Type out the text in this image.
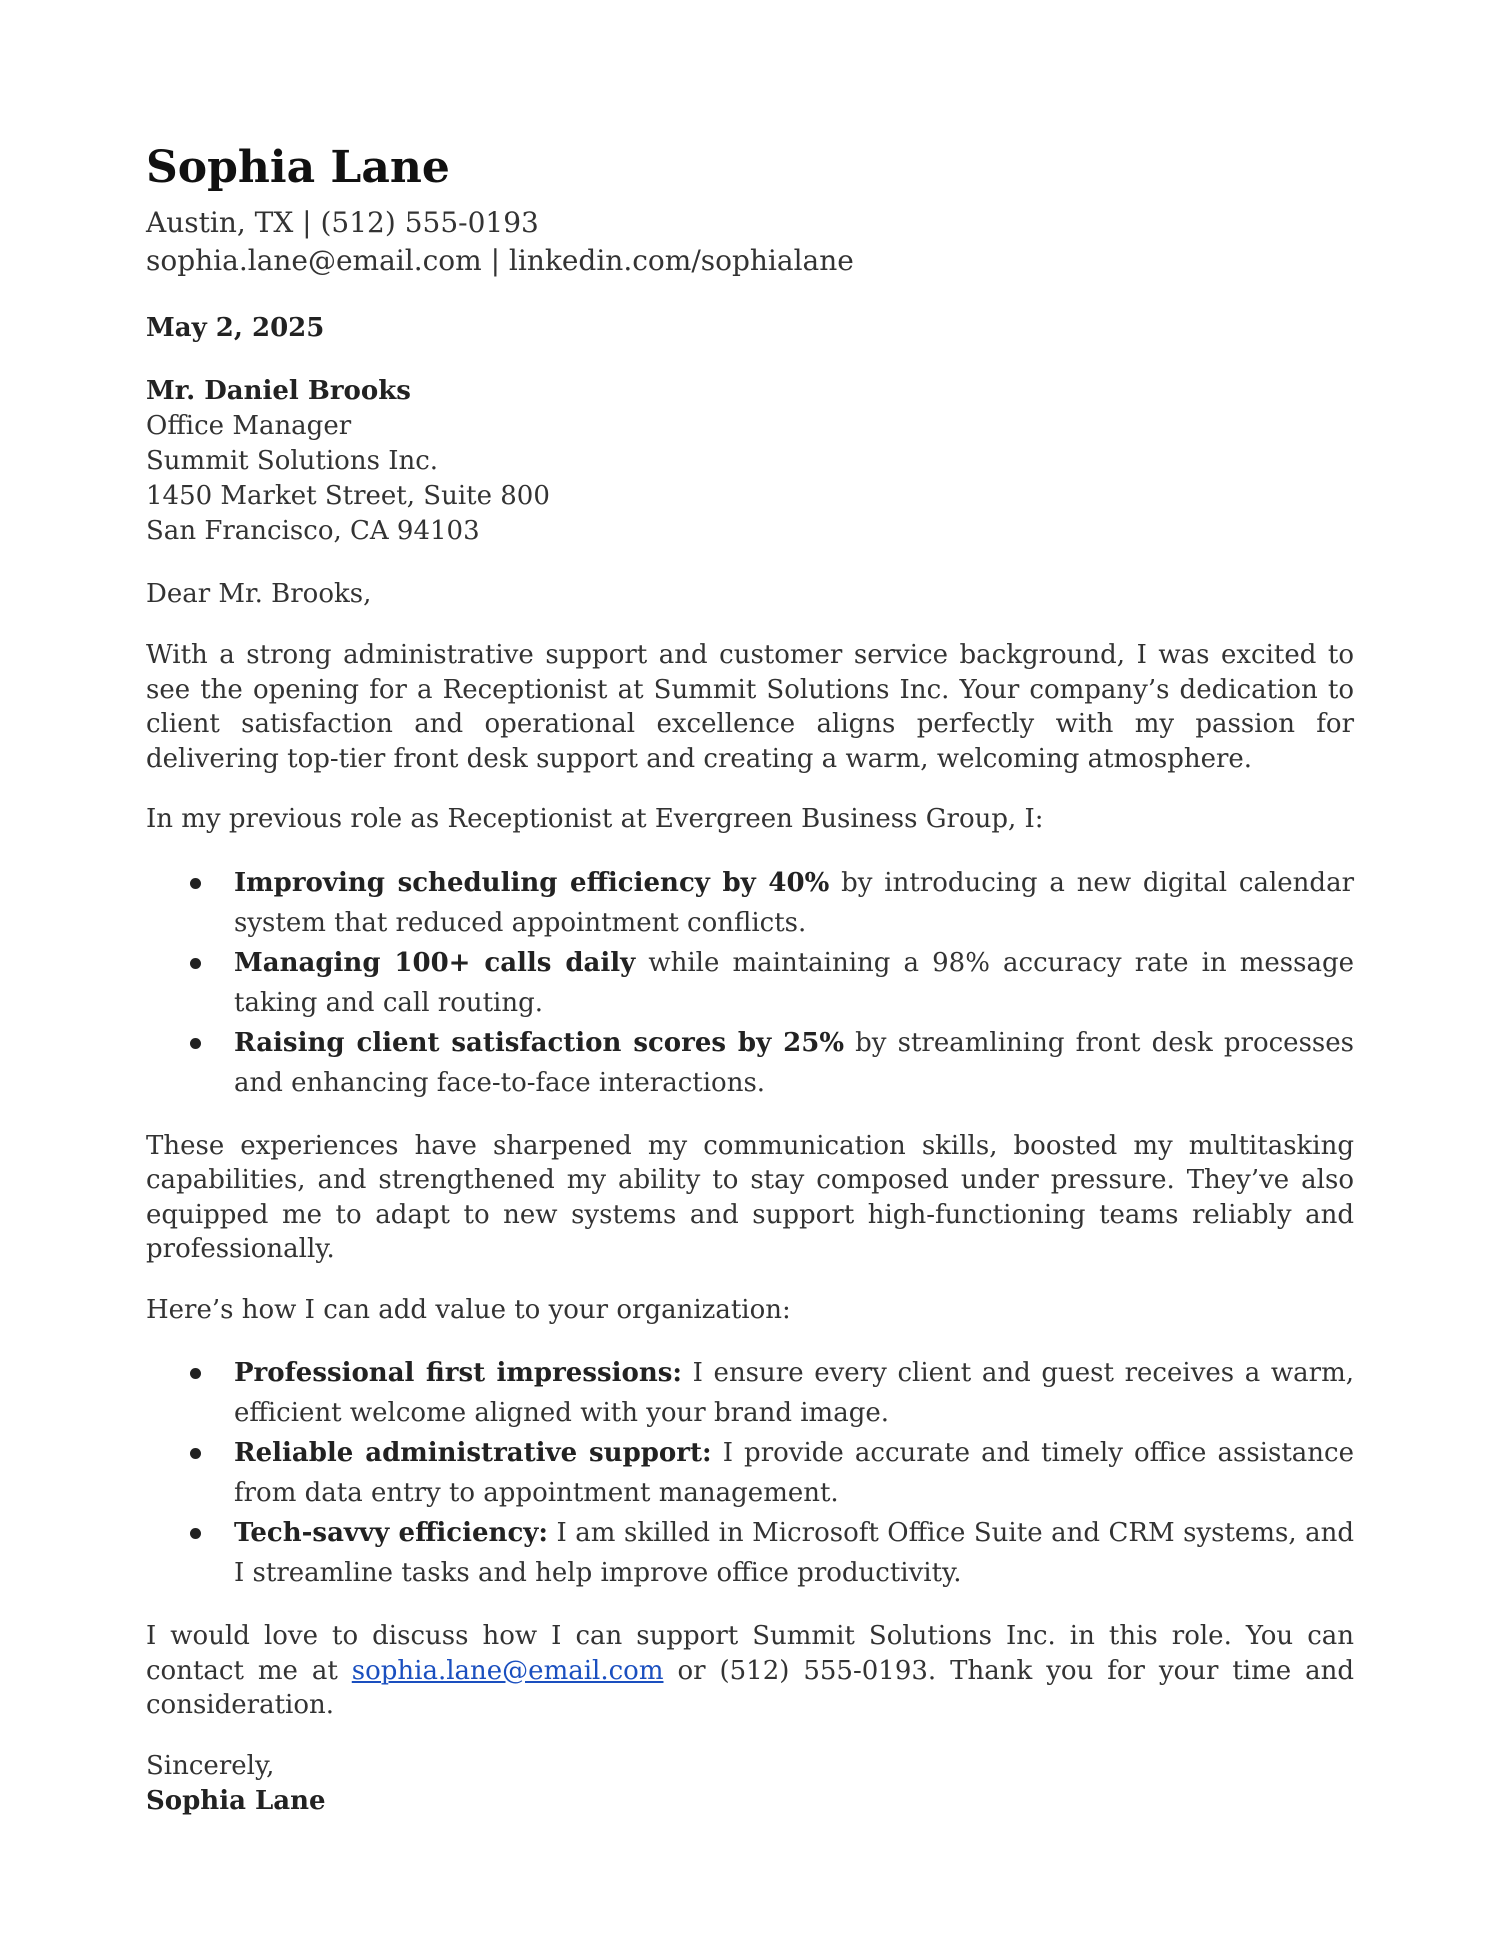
Sophia Lane
Austin, TX | (512) 555-0193
sophia.lane@email.com | linkedin.com/sophialane
May 2, 2025
Mr. Daniel Brooks
Office Manager
Summit Solutions Inc.
1450 Market Street, Suite 800
San Francisco, CA 94103
Dear Mr. Brooks,

With a strong administrative support and customer service background, I was excited to see the opening for a Receptionist at Summit Solutions Inc. Your company’s dedication to client satisfaction and operational excellence aligns perfectly with my passion for delivering top-tier front desk support and creating a warm, welcoming atmosphere.

In my previous role as Receptionist at Evergreen Business Group, I:

Improving scheduling efficiency by 40% by introducing a new digital calendar system that reduced appointment conflicts.
Managing 100+ calls daily while maintaining a 98% accuracy rate in message taking and call routing.
Raising client satisfaction scores by 25% by streamlining front desk processes and enhancing face-to-face interactions.

These experiences have sharpened my communication skills, boosted my multitasking capabilities, and strengthened my ability to stay composed under pressure. They’ve also equipped me to adapt to new systems and support high-functioning teams reliably and professionally.

Here’s how I can add value to your organization:

Professional first impressions: I ensure every client and guest receives a warm, efficient welcome aligned with your brand image.
Reliable administrative support: I provide accurate and timely office assistance from data entry to appointment management.
Tech-savvy efficiency: I am skilled in Microsoft Office Suite and CRM systems, and I streamline tasks and help improve office productivity.

I would love to discuss how I can support Summit Solutions Inc. in this role. You can contact me at sophia.lane@email.com or (512) 555-0193. Thank you for your time and consideration.

Sincerely,
Sophia Lane
